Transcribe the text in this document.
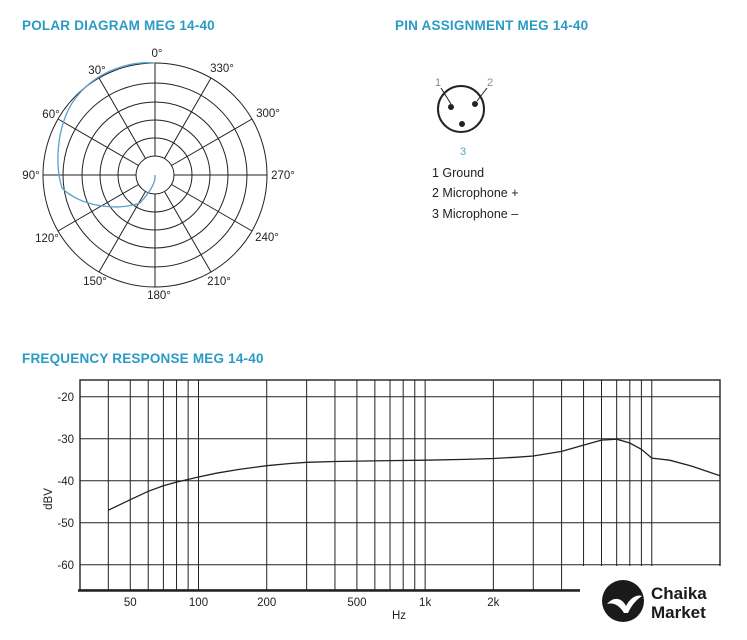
POLAR DIAGRAM MEG 14-40	PIN ASSIGNMENT MEG 14-40
FREQUENCY RESPONSE MEG 14-40
1 Ground
2 Microphone +
3 Microphone –
0°
30°	330°
60°	300°
90°	270°
120°	240°
150°	210°
180°
1	2
3
-20
-30
-40
-50
-60
50	100	200	500	1k	2k
dBV
Hz
Chaika
Market
